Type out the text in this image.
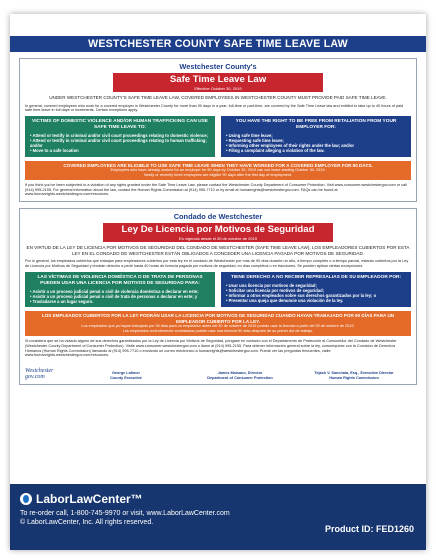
WESTCHESTER COUNTY SAFE TIME LEAVE LAW
Westchester County's
Safe Time Leave Law
Effective October 30, 2019
UNDER WESTCHESTER COUNTY'S SAFE TIME LEAVE LAW, COVERED EMPLOYEES IN WESTCHESTER COUNTY MUST PROVIDE PAID SAFE TIME LEAVE.
In general, covered employees who work for a covered employer in Westchester County for more than 90 days in a year, full-time or part-time, are covered by the Safe Time Leave law and entitled to take up to 40 hours of paid safe time leave in full days or increments. Certain exceptions apply.
VICTIMS OF DOMESTIC VIOLENCE AND/OR HUMAN TRAFFICKING CAN USE SAFE TIME LEAVE TO:
• Attend or testify in criminal and/or civil court proceedings relating to domestic violence;
• Attend or testify in criminal and/or civil court proceedings relating to human trafficking; and/or
• Move to a safe location
YOU HAVE THE RIGHT TO BE FREE FROM RETALIATION FROM YOUR EMPLOYER FOR:
• Using safe time leave;
• Requesting safe time leave;
• Informing other employees of their rights under the law; and/or
• Filing a complaint alleging a violation of the law.
COVERED EMPLOYEES ARE ELIGIBLE TO USE SAFE TIME LEAVE WHEN THEY HAVE WORKED FOR A COVERED EMPLOYER FOR 90 DAYS.
Employees who have already worked for an employer for 90 days by October 30, 2019 can use leave starting October 30, 2019.
Newly or recently hired employees are eligible 90 days after the first day of employment.
If you think you've been subjected to a violation of any rights granted under the Safe Time Leave Law, please contact the Westchester County Department of Consumer Protection. Visit www.consumer.westchestergov.com or call (914) 995-2155. For general information about the law, contact the Human Rights Commission at (914) 995-7710 or by email at humanrights@westchestergov.com. FAQs can be found at www.humanrights.westchestergov.com/resources.
Condado de Westchester
Ley De Licencia por Motivos de Seguridad
En vigencia desde el 30 de octubre de 2019
EN VIRTUD DE LA LEY DE LICENCIA POR MOTIVOS DE SEGURIDAD DEL CONDADO DE WESTCHESTER (SAFE TIME LEAVE LAW), LOS EMPLEADORES CUBIERTOS POR ESTA LEY EN EL CONDADO DE WESTCHESTER ESTÁN OBLIGADOS A CONCEDER UNA LICENCIA PAGADA POR MOTIVOS DE SEGURIDAD.
Por lo general, los empleados cubiertos que trabajan para empleadores cubiertos por esta ley en el condado de Westchester por más de 90 días durante un año, a tiempo completo o a tiempo parcial, estarán cubiertos por la Ley de Licencia por Motivos de Seguridad y tendrán derecho a pedir hasta 40 horas de licencia pagada por motivos de seguridad, en días completos o en fracciones. Se pueden aplicar ciertas excepciones.
LAS VÍCTIMAS DE VIOLENCIA DOMÉSTICA O DE TRATA DE PERSONAS PUEDEN USAR UNA LICENCIA POR MOTIVOS DE SEGURIDAD PARA:
• Asistir a un proceso judicial penal o civil de violencia doméstica o declarar en este;
• Asistir a un proceso judicial penal o civil de trata de personas o declarar en este; y
• Trasladarse a un lugar seguro.
TIENE DERECHO A NO RECIBIR REPRESALIAS DE SU EMPLEADOR POR:
• Usar una licencia por motivos de seguridad;
• Solicitar una licencia por motivos de seguridad;
• Informar a otros empleados sobre sus derechos garantizados por la ley; o
• Presentar una queja que denuncie una violación de la ley.
LOS EMPLEADOS CUBIERTOS POR LA LEY PODRÁN USAR LA LICENCIA POR MOTIVOS DE SEGURIDAD CUANDO HAYAN TRABAJADO POR 90 DÍAS PARA UN EMPLEADOR CUBIERTO POR LA LEY.
Los empleados que ya hayan trabajado por 90 días para un empleador antes del 30 de octubre de 2019 podrán usar la licencia a partir del 30 de octubre de 2019.
Los empleados recientemente contratados podrán usar una licencia 90 días después de su primer día de trabajo.
Si considera que se ha violado alguno de sus derechos garantizados por la Ley de Licencia por Motivos de Seguridad, póngase en contacto con el Departamento de Protección al Consumidor del Condado de Westchester (Westchester County Department of Consumer Protection). Visite www.consumer.westchestergov.com o llame al (914) 995-2155. Para obtener información general sobre la ley, comuníquese con la Comisión de Derechos Humanos (Human Rights Commission) llamando al (914) 995-7710 o enviando un correo electrónico a humanrights@westchestergov.com. Puede ver las preguntas frecuentes, visite www.humanrights.westchestergov.com/resources.
Westchester gov.com
George Latimer
County Executive
James Maisano, Director
Department of Consumer Protection
Tejash V. Sanchala, Esq., Executive Director
Human Rights Commission
LaborLawCenter™
To re-order call, 1-800-745-9970 or visit, www.LaborLawCenter.com
© LaborLawCenter, Inc. All rights reserved.
Product ID: FED1260
